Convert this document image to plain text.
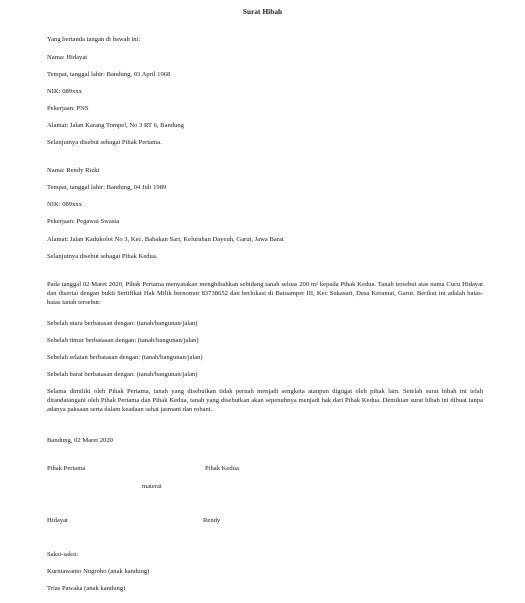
Surat Hibah
Yang bertanda tangan di bawah ini:
Nama: Hidayat
Tempat, tanggal lahir: Bandung, 03 April 1968
NIK: 089xxx
Pekerjaan: PNS
Alamat: Jalan Karang Tompel, No 3 RT 6, Bandung
Selanjutnya disebut sebagai Pihak Pertama.
Nama: Rendy Rizki
Tempat, tanggal lahir: Bandung, 04 Juli 1989
NIK: 089xxx
Pekerjaan: Pegawai Swasta
Alamat: Jalan Kadukolot No 3, Kec. Babakan Sari, Kelurahan Dayeuh, Garut, Jawa Barat
Selanjutnya disebut sebagai Pihak Kedua.
Pada tanggal 02 Maret 2020, Pihak Pertama menyatakan menghibahkan sebidang tanah seluas 200 m² kepada Pihak Kedua. Tanah tersebut atas nama Cucu Hidayat dan disertai dengan bukti Sertifikat Hak Milik bernomor 83738652 dan berlokasi di Batuamper III, Kec Sukasari, Desa Keramat, Garut. Berikut ini adalah batas-batas tanah tersebut:
Sebelah utara berbatasan dengan: (tanah/bangunan/jalan)
Sebelah timur berbatasan dengan: (tanah/bangunan/jalan)
Sebelah selatan berbatasan dengan: (tanah/bangunan/jalan)
Sebelah barat berbatasan dengan: (tanah/bangunan/jalan)
Selama dimiliki oleh Pihak Pertama, tanah yang disebutkan tidak pernah menjadi sengketa ataupun digugat oleh pihak lain. Setelah surat hibah ini telah ditandatangani oleh Pihak Pertama dan Pihak Kedua, tanah yang disebutkan akan sepenuhnya menjadi hak dari Pihak Kedua. Demikian surat hibah ini dibuat tanpa adanya paksaan serta dalam keadaan sehat jasmani dan rohani.
Bandung, 02 Maret 2020
Pihak Pertama	Pihak Kedua
materai
Hidayat	Rendy
Saksi-saksi:
Kurniawanto Nugroho (anak kandung)
Trias Pawaka (anak kandung)
